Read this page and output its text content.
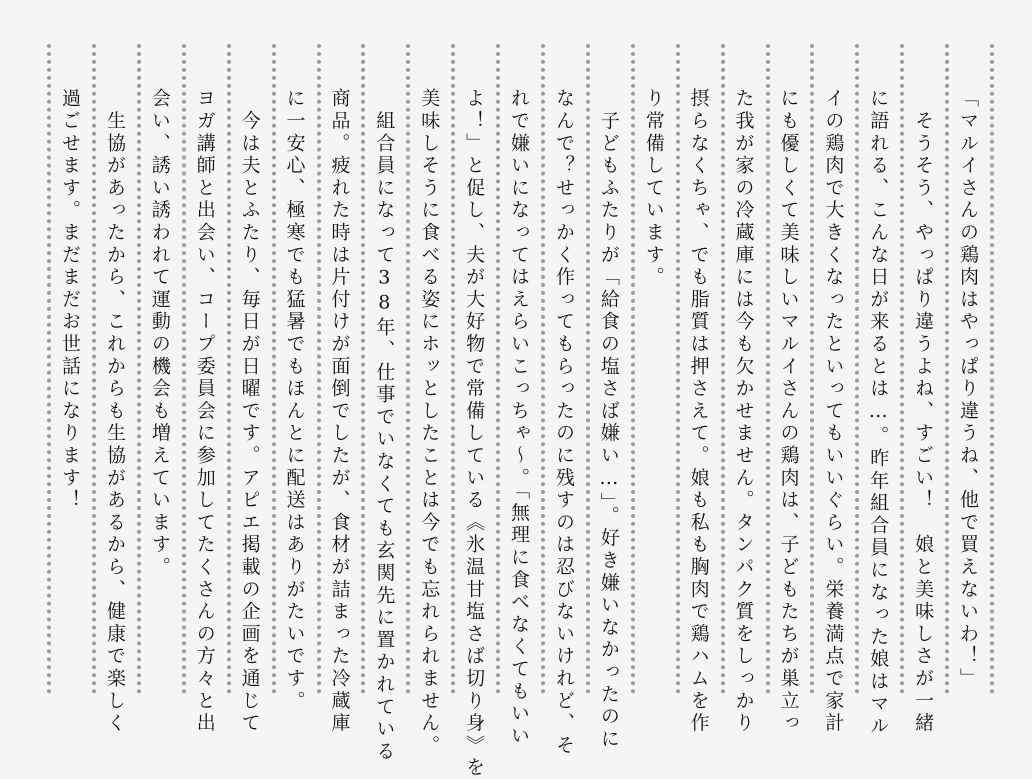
「マルイさんの鶏肉はやっぱり違うね、他で買えないわ！」
　そうそう、やっぱり違うよね、すごい！　娘と美味しさが一緒
に語れる、こんな日が来るとは…。昨年組合員になった娘はマル
イの鶏肉で大きくなったといってもいいぐらい。栄養満点で家計
にも優しくて美味しいマルイさんの鶏肉は、子どもたちが巣立っ
た我が家の冷蔵庫には今も欠かせません。タンパク質をしっかり
摂らなくちゃ、でも脂質は押さえて。娘も私も胸肉で鶏ハムを作
り常備しています。
　子どもふたりが「給食の塩さば嫌い…」。好き嫌いなかったのに
なんで？せっかく作ってもらったのに残すのは忍びないけれど、そ
れで嫌いになってはえらいこっちゃ～。「無理に食べなくてもいい
よ！」と促し、夫が大好物で常備している《氷温甘塩さば切り身》を
美味しそうに食べる姿にホッとしたことは今でも忘れられません。
　組合員になって38年、仕事でいなくても玄関先に置かれている
商品。疲れた時は片付けが面倒でしたが、食材が詰まった冷蔵庫
に一安心、極寒でも猛暑でもほんとに配送はありがたいです。
　今は夫とふたり、毎日が日曜です。アピエ掲載の企画を通じて
ヨガ講師と出会い、コープ委員会に参加してたくさんの方々と出
会い、誘い誘われて運動の機会も増えています。
　生協があったから、これからも生協があるから、健康で楽しく
過ごせます。まだまだお世話になります！
